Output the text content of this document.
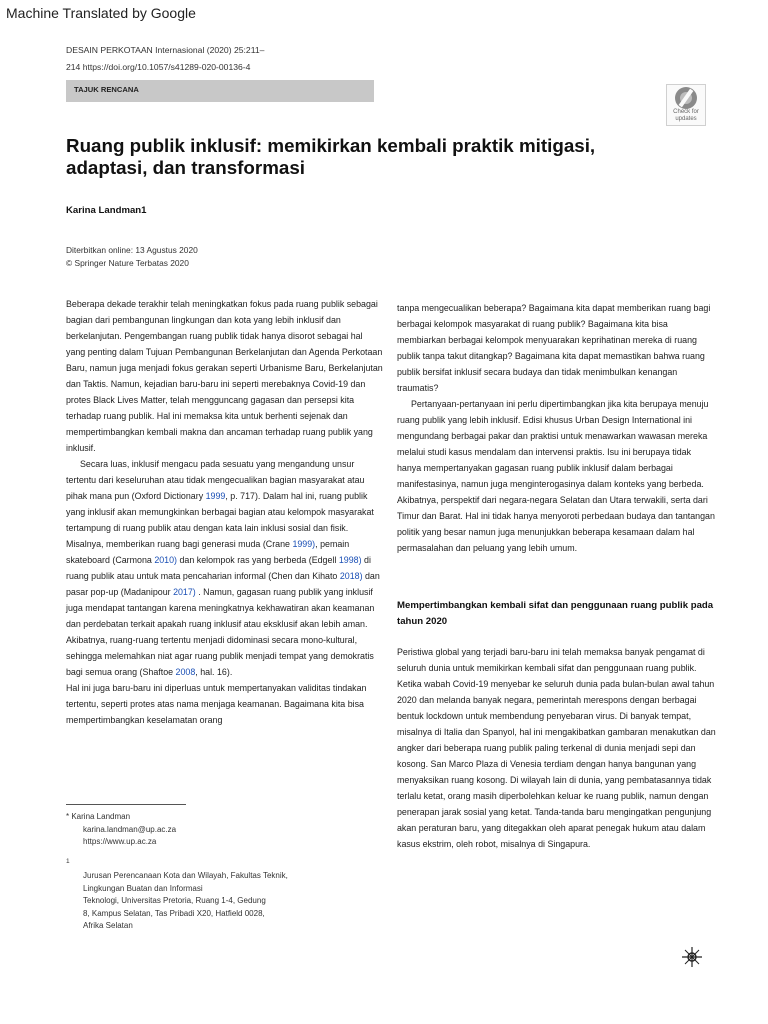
Machine Translated by Google
DESAIN PERKOTAAN Internasional (2020) 25:211–
214 https://doi.org/10.1057/s41289-020-00136-4
TAJUK RENCANA
Check for
updates
Ruang publik inklusif: memikirkan kembali praktik mitigasi,
adaptasi, dan transformasi
Karina Landman1
Diterbitkan online: 13 Agustus 2020
© Springer Nature Terbatas 2020

Beberapa dekade terakhir telah meningkatkan fokus pada ruang publik sebagai bagian dari pembangunan lingkungan dan kota yang lebih inklusif dan berkelanjutan. Pengembangan ruang publik tidak hanya disorot sebagai hal yang penting dalam Tujuan Pembangunan Berkelanjutan dan Agenda Perkotaan Baru, namun juga menjadi fokus gerakan seperti Urbanisme Baru, Berkelanjutan dan Taktis. Namun, kejadian baru-baru ini seperti merebaknya Covid-19 dan protes Black Lives Matter, telah mengguncang gagasan dan persepsi kita terhadap ruang publik. Hal ini memaksa kita untuk berhenti sejenak dan mempertimbangkan kembali makna dan ancaman terhadap ruang publik yang inklusif.

Secara luas, inklusif mengacu pada sesuatu yang mengandung unsur tertentu dari keseluruhan atau tidak mengecualikan bagian masyarakat atau pihak mana pun (Oxford Dictionary 1999, p. 717). Dalam hal ini, ruang publik yang inklusif akan memungkinkan berbagai bagian atau kelompok masyarakat tertampung di ruang publik atau dengan kata lain inklusi sosial dan fisik.

Misalnya, memberikan ruang bagi generasi muda (Crane 1999), pemain skateboard (Carmona 2010) dan kelompok ras yang berbeda (Edgell 1998) di ruang publik atau untuk mata pencaharian informal (Chen dan Kihato 2018) dan pasar pop-up (Madanipour 2017) . Namun, gagasan ruang publik yang inklusif juga mendapat tantangan karena meningkatnya kekhawatiran akan keamanan dan perdebatan terkait apakah ruang inklusif atau eksklusif akan lebih aman. Akibatnya, ruang-ruang tertentu menjadi didominasi secara mono-kultural, sehingga melemahkan niat agar ruang publik menjadi tempat yang demokratis bagi semua orang (Shaftoe 2008, hal. 16).

Hal ini juga baru-baru ini diperluas untuk mempertanyakan validitas tindakan tertentu, seperti protes atas nama menjaga keamanan. Bagaimana kita bisa mempertimbangkan keselamatan orang

tanpa mengecualikan beberapa? Bagaimana kita dapat memberikan ruang bagi berbagai kelompok masyarakat di ruang publik? Bagaimana kita bisa membiarkan berbagai kelompok menyuarakan keprihatinan mereka di ruang publik tanpa takut ditangkap? Bagaimana kita dapat memastikan bahwa ruang publik bersifat inklusif secara budaya dan tidak menimbulkan kenangan traumatis?

Pertanyaan-pertanyaan ini perlu dipertimbangkan jika kita berupaya menuju ruang publik yang lebih inklusif. Edisi khusus Urban Design International ini mengundang berbagai pakar dan praktisi untuk menawarkan wawasan mereka melalui studi kasus mendalam dan intervensi praktis. Isu ini berupaya tidak hanya mempertanyakan gagasan ruang publik inklusif dalam berbagai manifestasinya, namun juga menginterogasinya dalam konteks yang berbeda. Akibatnya, perspektif dari negara-negara Selatan dan Utara terwakili, serta dari Timur dan Barat. Hal ini tidak hanya menyoroti perbedaan budaya dan tantangan politik yang besar namun juga menunjukkan beberapa kesamaan dalam hal permasalahan dan peluang yang lebih umum.

Mempertimbangkan kembali sifat dan penggunaan ruang publik pada tahun 2020

Peristiwa global yang terjadi baru-baru ini telah memaksa banyak pengamat di seluruh dunia untuk memikirkan kembali sifat dan penggunaan ruang publik. Ketika wabah Covid-19 menyebar ke seluruh dunia pada bulan-bulan awal tahun 2020 dan melanda banyak negara, pemerintah merespons dengan berbagai bentuk lockdown untuk membendung penyebaran virus. Di banyak tempat, misalnya di Italia dan Spanyol, hal ini mengakibatkan gambaran menakutkan dan angker dari beberapa ruang publik paling terkenal di dunia menjadi sepi dan kosong. San Marco Plaza di Venesia terdiam dengan hanya bangunan yang menyaksikan ruang kosong. Di wilayah lain di dunia, yang pembatasannya tidak terlalu ketat, orang masih diperbolehkan keluar ke ruang publik, namun dengan penerapan jarak sosial yang ketat. Tanda-tanda baru mengingatkan pengunjung akan peraturan baru, yang ditegakkan oleh aparat penegak hukum atau dalam kasus ekstrim, oleh robot, misalnya di Singapura.

* Karina Landman
karina.landman@up.ac.za
https://www.up.ac.za
$^1$
Jurusan Perencanaan Kota dan Wilayah, Fakultas Teknik,
Lingkungan Buatan dan Informasi
Teknologi, Universitas Pretoria, Ruang 1-4, Gedung
8, Kampus Selatan, Tas Pribadi X20, Hatfield 0028,
Afrika Selatan
